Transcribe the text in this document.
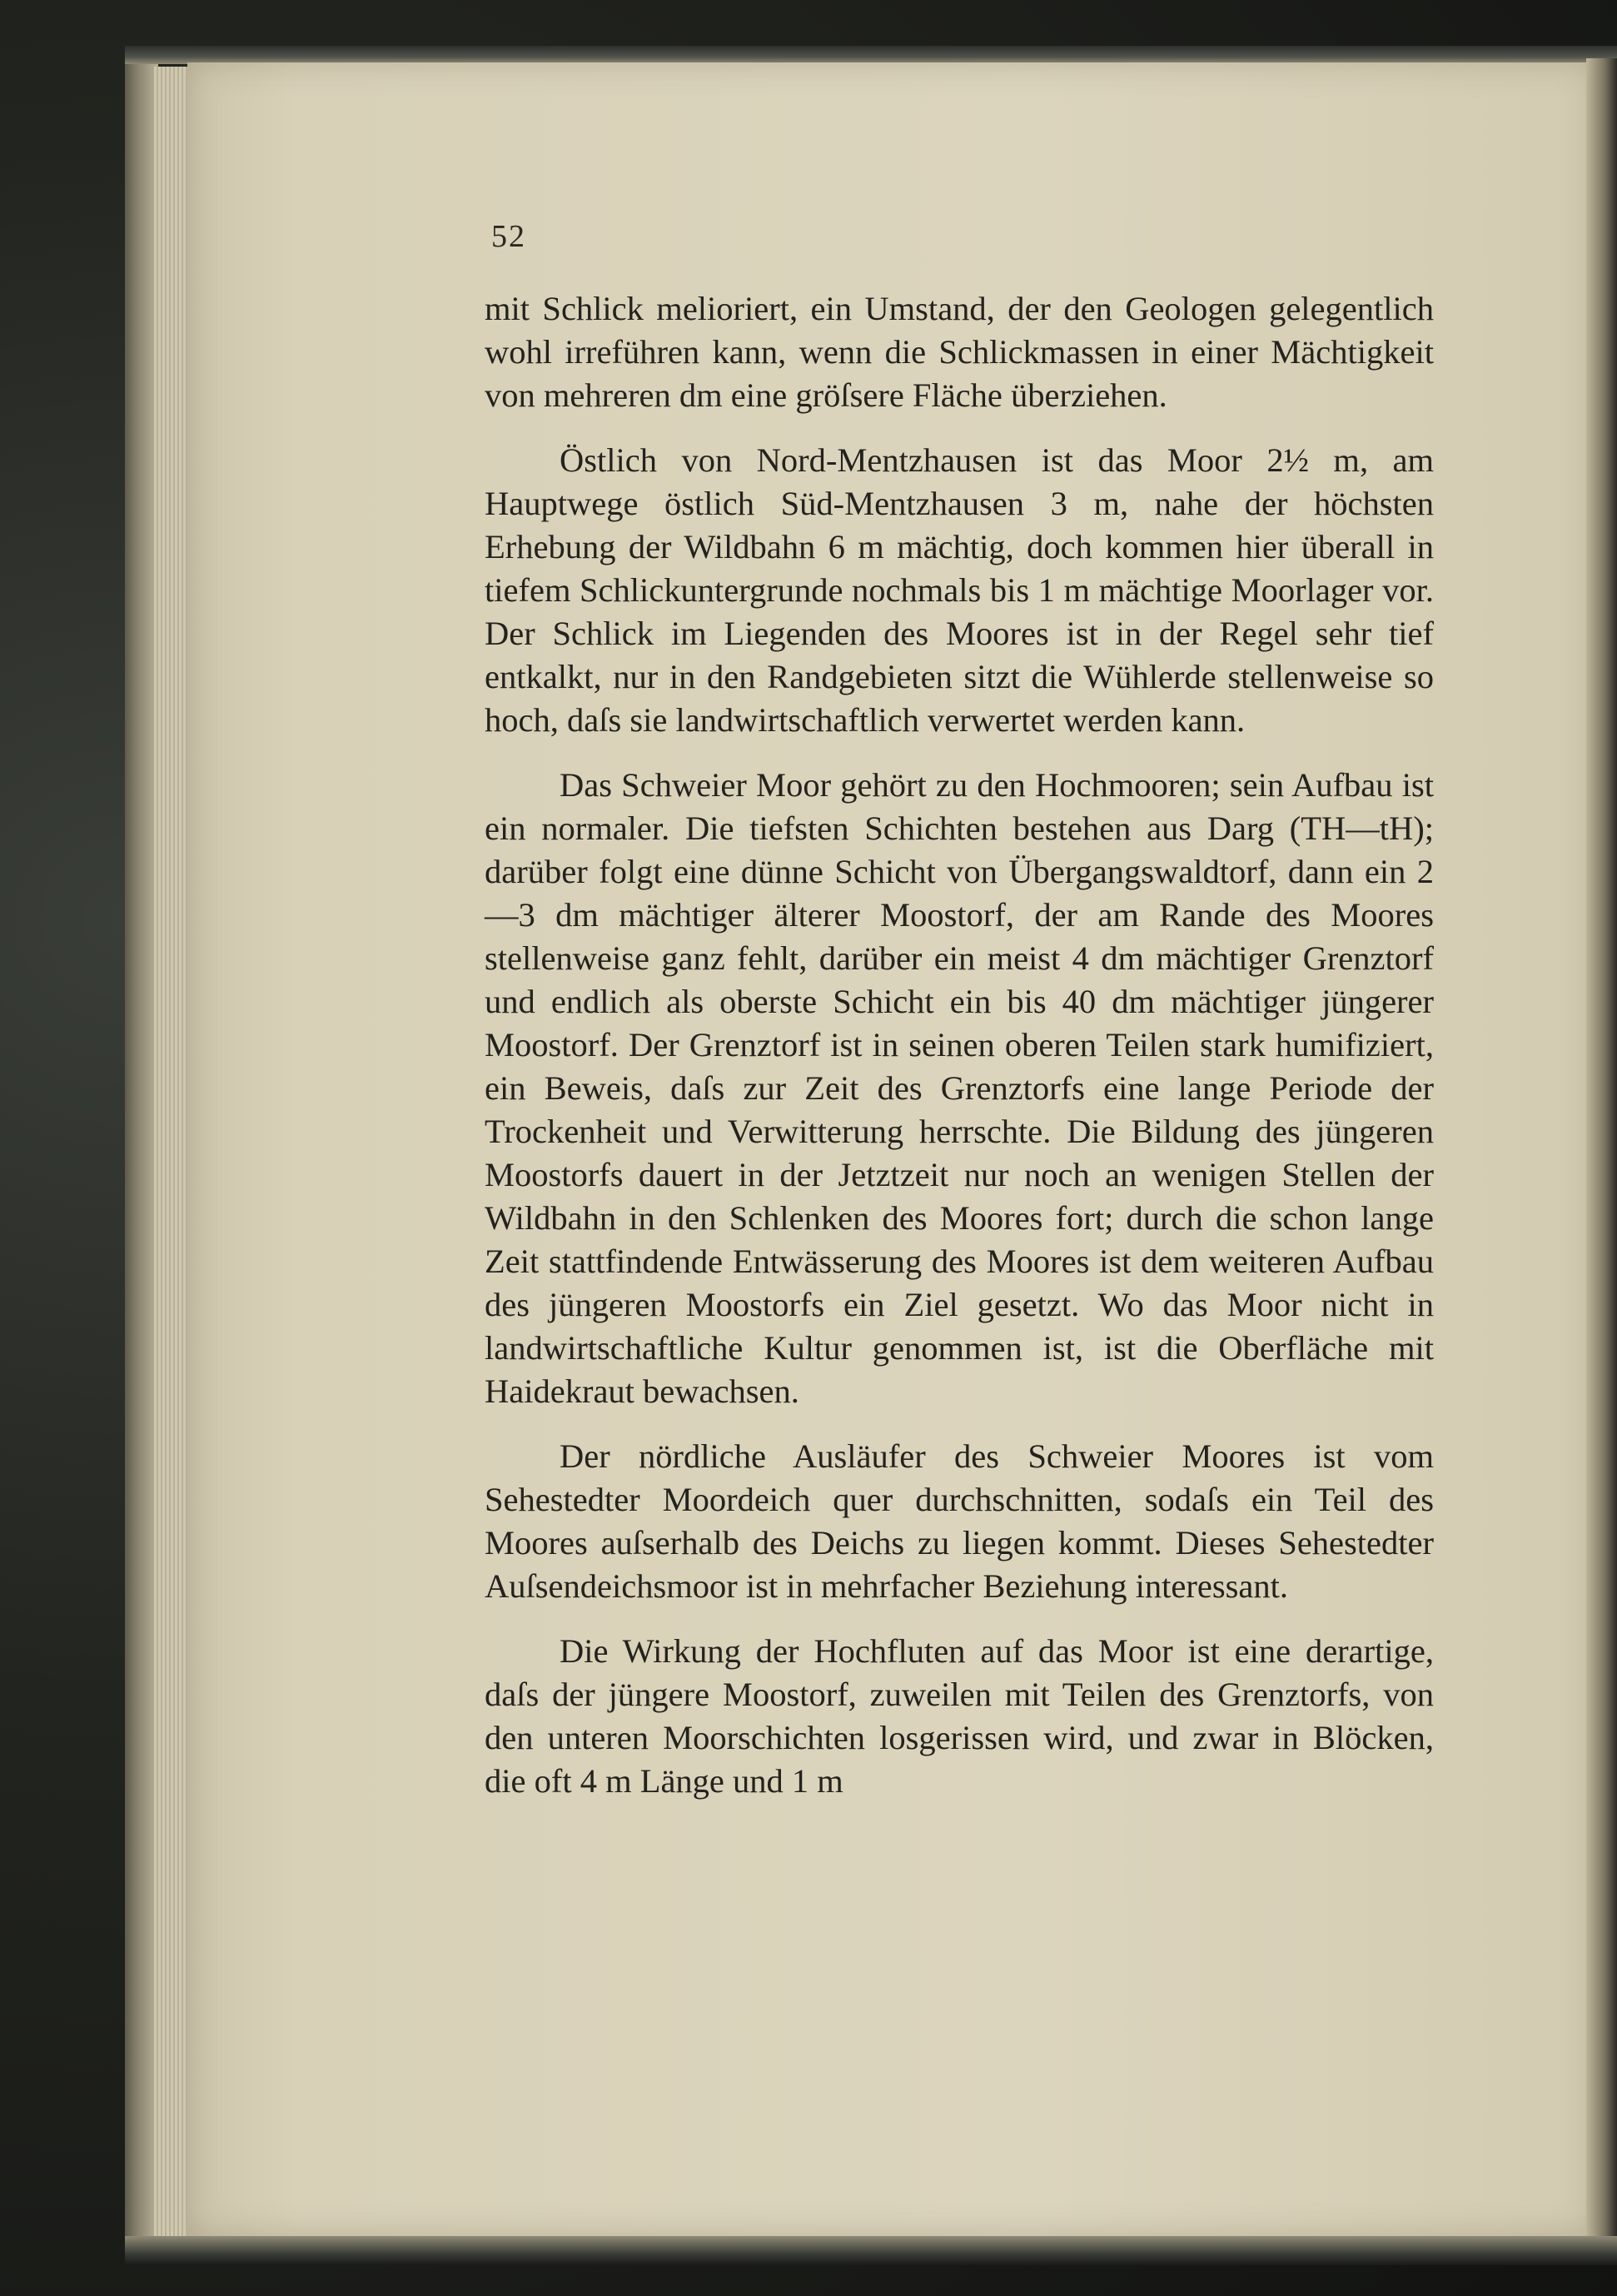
52

mit Schlick melioriert, ein Umstand, der den Geologen gelegentlich wohl irreführen kann, wenn die Schlickmassen in einer Mächtigkeit von mehreren dm eine gröſsere Fläche überziehen.

Östlich von Nord-Mentzhausen ist das Moor 2½ m, am Hauptwege östlich Süd-Mentzhausen 3 m, nahe der höchsten Erhebung der Wildbahn 6 m mächtig, doch kommen hier überall in tiefem Schlickuntergrunde nochmals bis 1 m mächtige Moorlager vor. Der Schlick im Liegenden des Moores ist in der Regel sehr tief entkalkt, nur in den Randgebieten sitzt die Wühlerde stellenweise so hoch, daſs sie landwirtschaftlich verwertet werden kann.

Das Schweier Moor gehört zu den Hochmooren; sein Aufbau ist ein normaler. Die tiefsten Schichten bestehen aus Darg (TH—tH); darüber folgt eine dünne Schicht von Übergangswaldtorf, dann ein 2—3 dm mächtiger älterer Moostorf, der am Rande des Moores stellenweise ganz fehlt, darüber ein meist 4 dm mächtiger Grenztorf und endlich als oberste Schicht ein bis 40 dm mächtiger jüngerer Moostorf. Der Grenztorf ist in seinen oberen Teilen stark humifiziert, ein Beweis, daſs zur Zeit des Grenztorfs eine lange Periode der Trockenheit und Verwitterung herrschte. Die Bildung des jüngeren Moostorfs dauert in der Jetztzeit nur noch an wenigen Stellen der Wildbahn in den Schlenken des Moores fort; durch die schon lange Zeit stattfindende Entwässerung des Moores ist dem weiteren Aufbau des jüngeren Moostorfs ein Ziel gesetzt. Wo das Moor nicht in landwirtschaftliche Kultur genommen ist, ist die Oberfläche mit Haidekraut bewachsen.

Der nördliche Ausläufer des Schweier Moores ist vom Sehestedter Moordeich quer durchschnitten, sodaſs ein Teil des Moores auſserhalb des Deichs zu liegen kommt. Dieses Sehestedter Auſsendeichsmoor ist in mehrfacher Beziehung interessant.

Die Wirkung der Hochfluten auf das Moor ist eine derartige, daſs der jüngere Moostorf, zuweilen mit Teilen des Grenztorfs, von den unteren Moorschichten losgerissen wird, und zwar in Blöcken, die oft 4 m Länge und 1 m
